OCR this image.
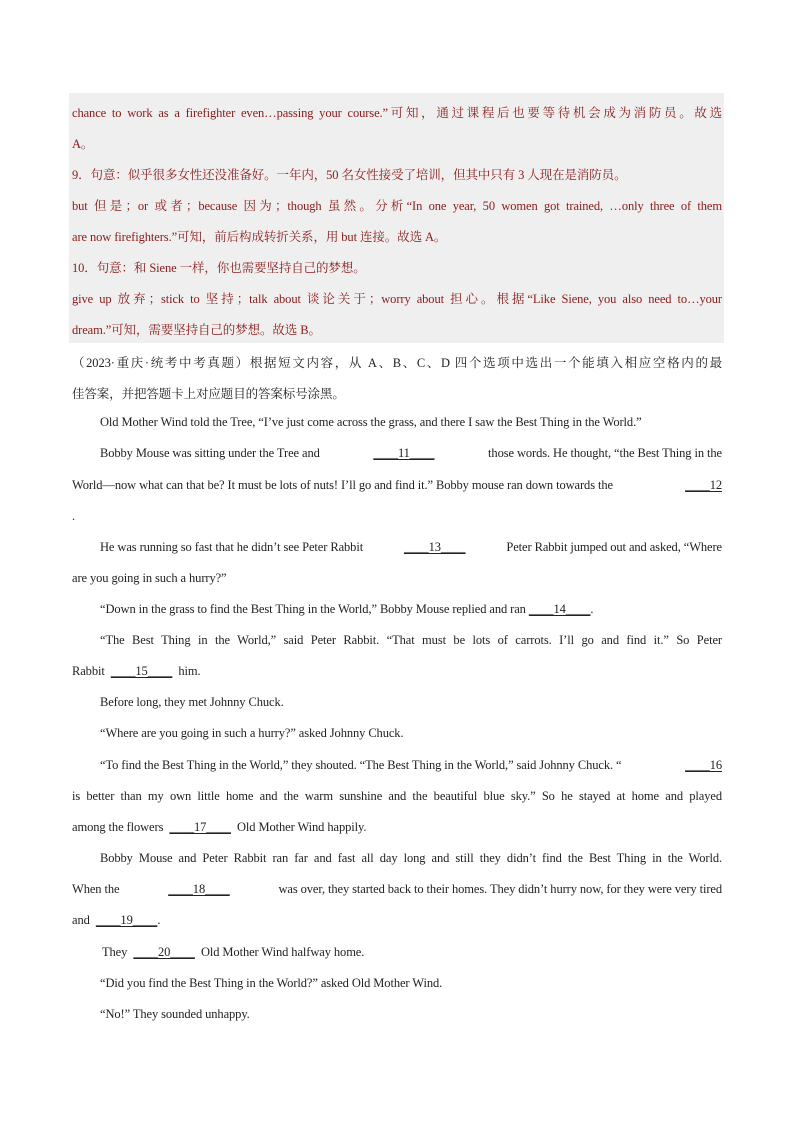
chance to work as a firefighter even…passing your course.”可知，通过课程后也要等待机会成为消防员。故选
A。
9．句意：似乎很多女性还没准备好。一年内，50 名女性接受了培训，但其中只有 3 人现在是消防员。
but 但是；or 或者；because 因为；though 虽然。分析“In one year, 50 women got trained, …only three of them
are now firefighters.”可知，前后构成转折关系，用 but 连接。故选 A。
10．句意：和 Siene 一样，你也需要坚持自己的梦想。
give up 放弃；stick to 坚持；talk about 谈论关于；worry about 担心。根据“Like Siene, you also need to…your
dream.”可知，需要坚持自己的梦想。故选 B。
（2023·重庆·统考中考真题）根据短文内容，从 A、B、C、D 四个选项中选出一个能填入相应空格内的最
佳答案，并把答题卡上对应题目的答案标号涂黑。
Old Mother Wind told the Tree, “I’ve just come across the grass, and there I saw the Best Thing in the World.”
Bobby Mouse was sitting under the Tree and	____11____	those words. He thought, “the Best Thing in the
World—now what can that be? It must be lots of nuts! I’ll go and find it.” Bobby mouse ran down towards the	____12
.
He was running so fast that he didn’t see Peter Rabbit	____13____	Peter Rabbit jumped out and asked, “Where
are you going in such a hurry?”
“Down in the grass to find the Best Thing in the World,” Bobby Mouse replied and ran ____14____.
“The Best Thing in the World,” said Peter Rabbit. “That must be lots of carrots. I’ll go and find it.” So Peter
Rabbit ____15____ him.
Before long, they met Johnny Chuck.
“Where are you going in such a hurry?” asked Johnny Chuck.
“To find the Best Thing in the World,” they shouted. “The Best Thing in the World,” said Johnny Chuck. “	____16
is better than my own little home and the warm sunshine and the beautiful blue sky.” So he stayed at home and played
among the flowers ____17____ Old Mother Wind happily.
Bobby Mouse and Peter Rabbit ran far and fast all day long and still they didn’t find the Best Thing in the World.
When the	____18____	was over, they started back to their homes. They didn’t hurry now, for they were very tired
and ____19____.
They ____20____ Old Mother Wind halfway home.
“Did you find the Best Thing in the World?” asked Old Mother Wind.
“No!” They sounded unhappy.
